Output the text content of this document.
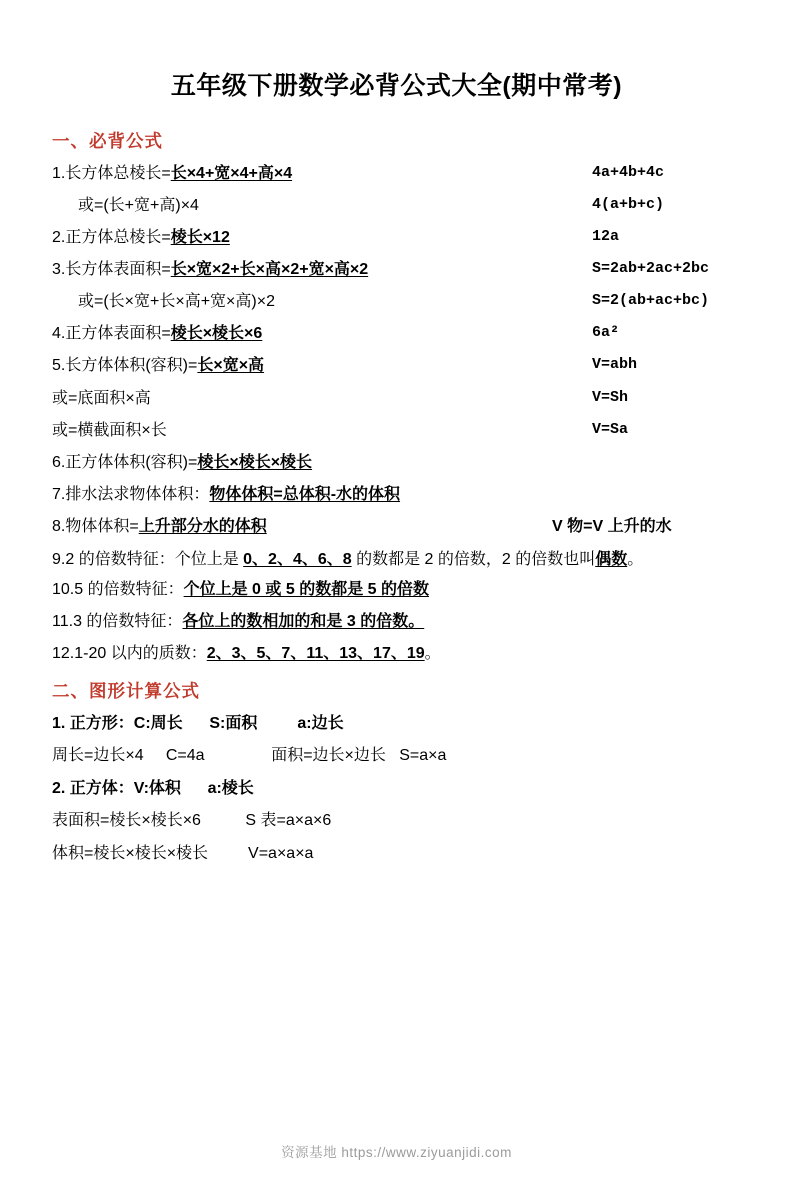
五年级下册数学必背公式大全(期中常考)
一、必背公式
1. 长方体总棱长=长×4+宽×4+高×4	4a+4b+4c
或=(长+宽+高)×4	4(a+b+c)
2. 正方体总棱长=棱长×12	12a
3. 长方体表面积=长×宽×2+长×高×2+宽×高×2	S=2ab+2ac+2bc
或=(长×宽+长×高+宽×高)×2	S=2(ab+ac+bc)
4. 正方体表面积=棱长×棱长×6	6a²
5. 长方体体积(容积)=长×宽×高	V=abh
或=底面积×高	V=Sh
或=横截面积×长	V=Sa
6. 正方体体积(容积)=棱长×棱长×棱长
7. 排水法求物体体积：物体体积=总体积-水的体积
8. 物体体积=上升部分水的体积	V 物=V 上升的水
9.2 的倍数特征：个位上是 0、2、4、6、8 的数都是 2 的倍数，2 的倍数也叫偶数。
10.5 的倍数特征：个位上是 0 或 5 的数都是 5 的倍数
11.3 的倍数特征：各位上的数相加的和是 3 的倍数。
12.1-20 以内的质数：2、3、5、7、11、13、17、19。
二、图形计算公式
1. 正方形：C:周长      S:面积         a:边长
周长=边长×4     C=4a               面积=边长×边长   S=a×a
2. 正方体：V:体积      a:棱长
表面积=棱长×棱长×6          S 表=a×a×6
体积=棱长×棱长×棱长         V=a×a×a
资源基地 https://www.ziyuanjidi.com
